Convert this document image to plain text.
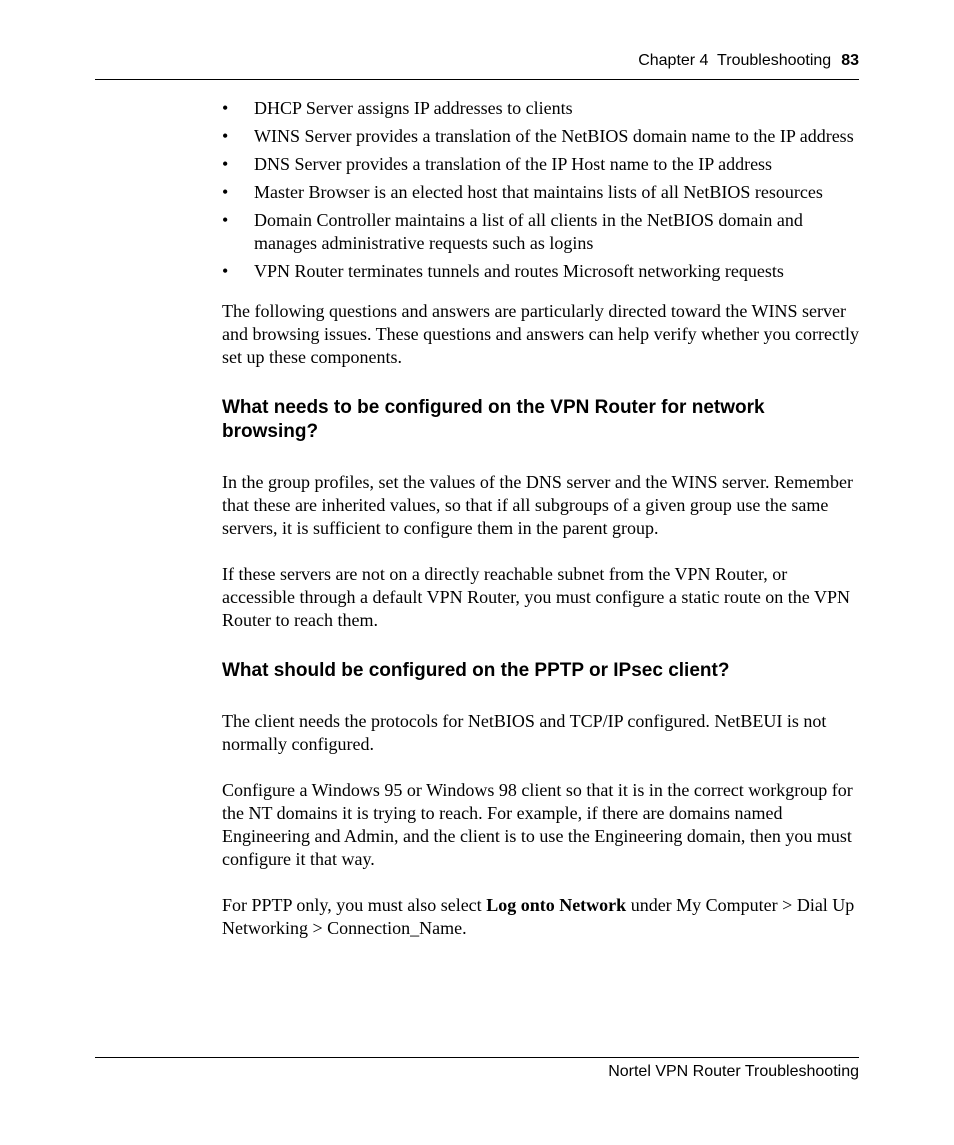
Chapter 4  Troubleshooting 83
• DHCP Server assigns IP addresses to clients
• WINS Server provides a translation of the NetBIOS domain name to the IP address
• DNS Server provides a translation of the IP Host name to the IP address
• Master Browser is an elected host that maintains lists of all NetBIOS resources
• Domain Controller maintains a list of all clients in the NetBIOS domain and manages administrative requests such as logins
• VPN Router terminates tunnels and routes Microsoft networking requests

The following questions and answers are particularly directed toward the WINS server and browsing issues. These questions and answers can help verify whether you correctly set up these components.

What needs to be configured on the VPN Router for network browsing?

In the group profiles, set the values of the DNS server and the WINS server. Remember that these are inherited values, so that if all subgroups of a given group use the same servers, it is sufficient to configure them in the parent group.

If these servers are not on a directly reachable subnet from the VPN Router, or accessible through a default VPN Router, you must configure a static route on the VPN Router to reach them.

What should be configured on the PPTP or IPsec client?

The client needs the protocols for NetBIOS and TCP/IP configured. NetBEUI is not normally configured.

Configure a Windows 95 or Windows 98 client so that it is in the correct workgroup for the NT domains it is trying to reach. For example, if there are domains named Engineering and Admin, and the client is to use the Engineering domain, then you must configure it that way.

For PPTP only, you must also select Log onto Network under My Computer > Dial Up Networking > Connection_Name.

Nortel VPN Router Troubleshooting
